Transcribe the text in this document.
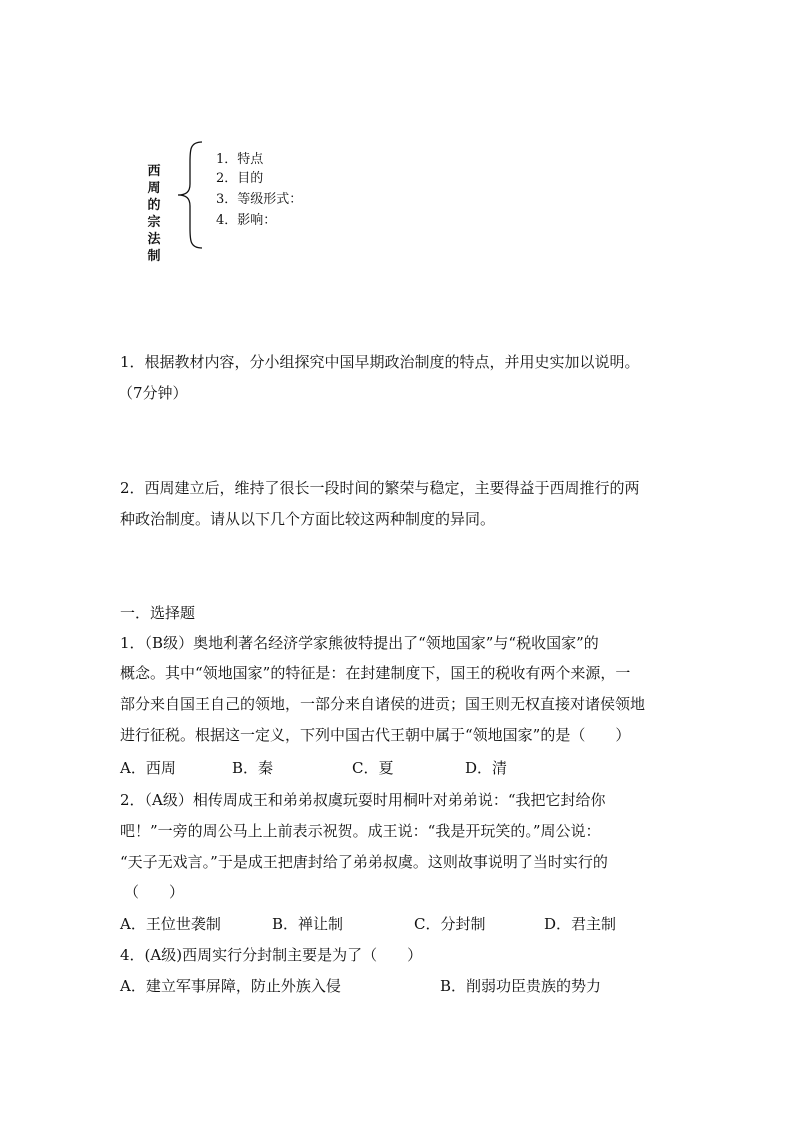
西
周
的
宗
法
制
1．特点
2．目的
3．等级形式：
4．影响：
1．根据教材内容，分小组探究中国早期政治制度的特点，并用史实加以说明。
（7分钟）
2．西周建立后，维持了很长一段时间的繁荣与稳定，主要得益于西周推行的两
种政治制度。请从以下几个方面比较这两种制度的异同。
一．选择题
1．（B级）奥地利著名经济学家熊彼特提出了“领地国家”与“税收国家”的
概念。其中“领地国家”的特征是：在封建制度下，国王的税收有两个来源，一
部分来自国王自己的领地，一部分来自诸侯的进贡；国王则无权直接对诸侯领地
进行征税。根据这一定义，下列中国古代王朝中属于“领地国家”的是（　　）
A．西周	B．秦	C．夏	D．清
2．（A级）相传周成王和弟弟叔虞玩耍时用桐叶对弟弟说：“我把它封给你
吧！”一旁的周公马上上前表示祝贺。成王说：“我是开玩笑的。”周公说：
“天子无戏言。”于是成王把唐封给了弟弟叔虞。这则故事说明了当时实行的
（　　）
A．王位世袭制	B．禅让制	C．分封制	D．君主制
4．(A级)西周实行分封制主要是为了（　　）
A．建立军事屏障，防止外族入侵	B．削弱功臣贵族的势力
